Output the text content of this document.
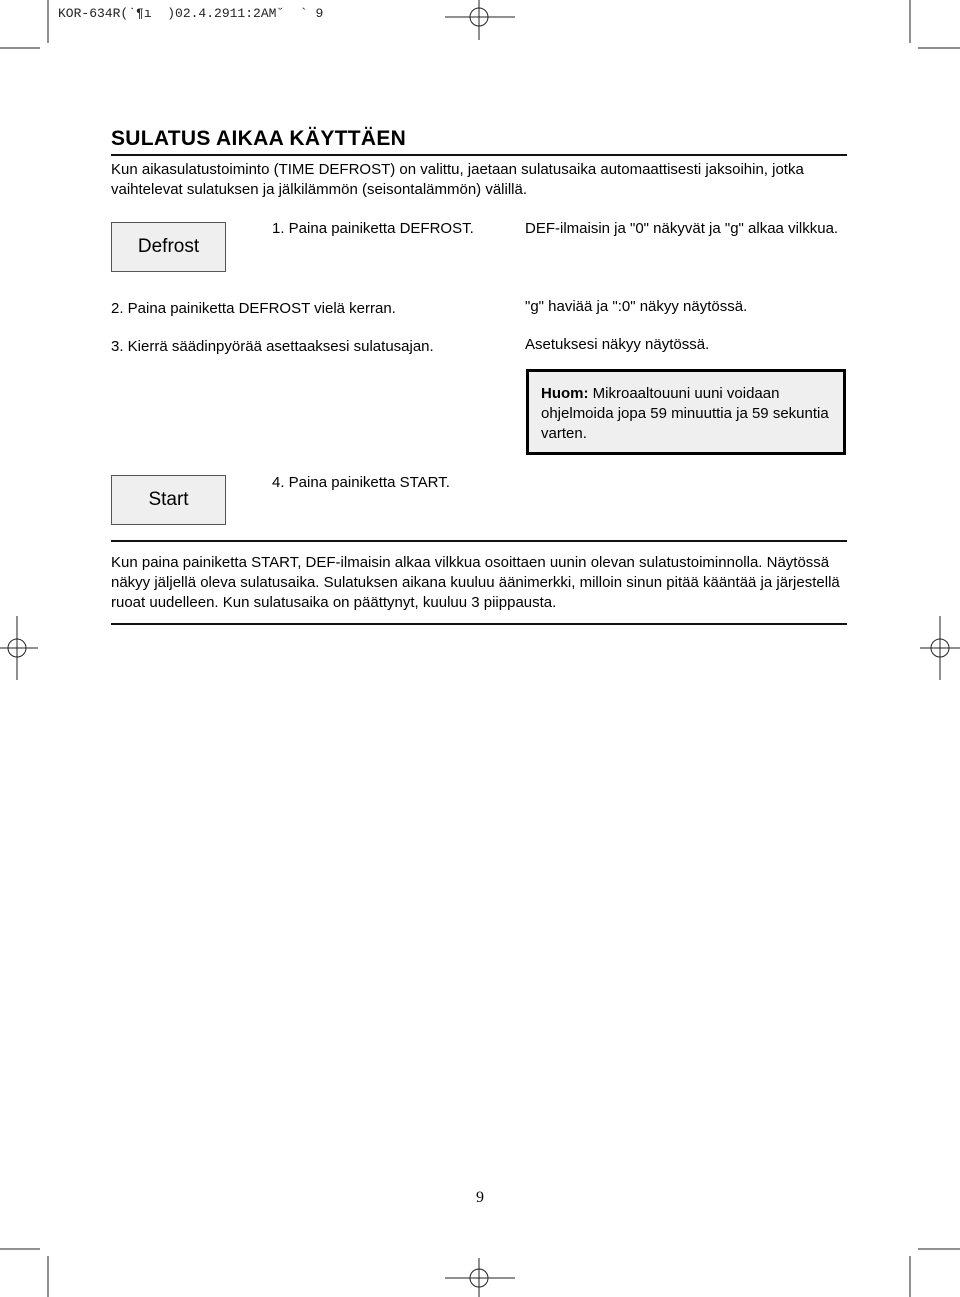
KOR-634R(˙¶ı  )02.4.2911:2AM˘  ` 9
SULATUS AIKAA KÄYTTÄEN
Kun aikasulatustoiminto (TIME DEFROST) on valittu, jaetaan sulatusaika automaattisesti jaksoihin, jotka vaihtelevat sulatuksen ja jälkilämmön (seisontalämmön) välillä.
Defrost
1. Paina painiketta DEFROST.	DEF-ilmaisin ja "0" näkyvät ja "g" alkaa vilkkua.
2. Paina painiketta DEFROST vielä kerran.	"g" haviää ja ":0" näkyy näytössä.
3. Kierrä säädinpyörää asettaaksesi sulatusajan.	Asetuksesi näkyy näytössä.
Huom: Mikroaaltouuni uuni voidaan ohjelmoida jopa 59 minuuttia ja 59 sekuntia varten.
Start
4. Paina painiketta START.
Kun paina painiketta START, DEF-ilmaisin alkaa vilkkua osoittaen uunin olevan sulatustoiminnolla. Näytössä näkyy jäljellä oleva sulatusaika. Sulatuksen aikana kuuluu äänimerkki, milloin sinun pitää kääntää ja järjestellä ruoat uudelleen. Kun sulatusaika on päättynyt, kuuluu 3 piippausta.
9
